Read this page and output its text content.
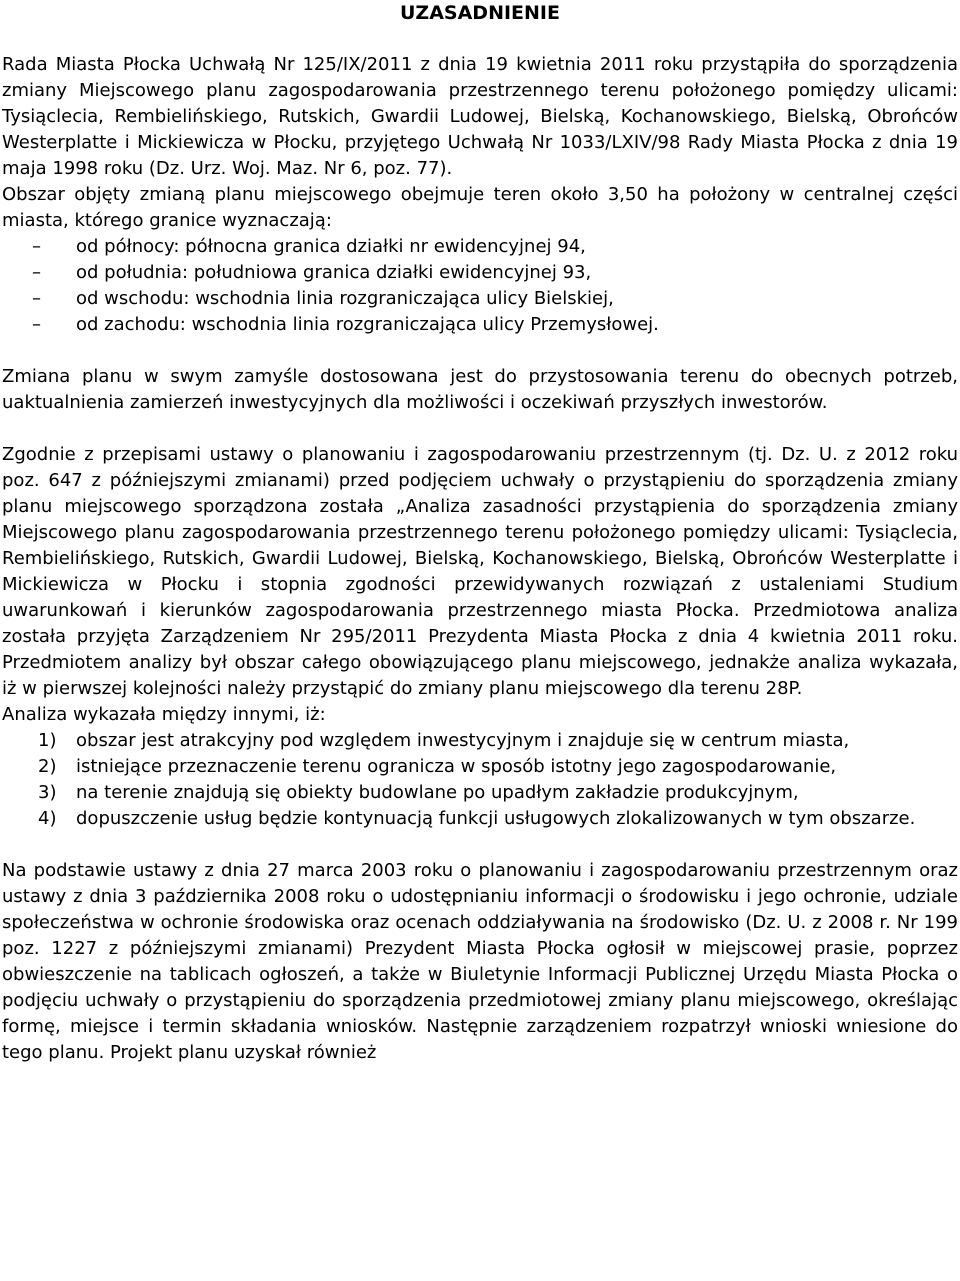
UZASADNIENIE

Rada Miasta Płocka Uchwałą Nr 125/IX/2011 z dnia 19 kwietnia 2011 roku przystąpiła do sporządzenia zmiany Miejscowego planu zagospodarowania przestrzennego terenu położonego pomiędzy ulicami: Tysiąclecia, Rembielińskiego, Rutskich, Gwardii Ludowej, Bielską, Kochanowskiego, Bielską, Obrońców Westerplatte i Mickiewicza w Płocku, przyjętego Uchwałą Nr 1033/LXIV/98 Rady Miasta Płocka z dnia 19 maja 1998 roku (Dz. Urz. Woj. Maz. Nr 6, poz. 77).

Obszar objęty zmianą planu miejscowego obejmuje teren około 3,50 ha położony w centralnej części miasta, którego granice wyznaczają:

– od północy: północna granica działki nr ewidencyjnej 94,
– od południa: południowa granica działki ewidencyjnej 93,
– od wschodu: wschodnia linia rozgraniczająca ulicy Bielskiej,
– od zachodu: wschodnia linia rozgraniczająca ulicy Przemysłowej.

Zmiana planu w swym zamyśle dostosowana jest do przystosowania terenu do obecnych potrzeb, uaktualnienia zamierzeń inwestycyjnych dla możliwości i oczekiwań przyszłych inwestorów.

Zgodnie z przepisami ustawy o planowaniu i zagospodarowaniu przestrzennym (tj. Dz. U. z 2012 roku poz. 647 z późniejszymi zmianami) przed podjęciem uchwały o przystąpieniu do sporządzenia zmiany planu miejscowego sporządzona została „Analiza zasadności przystąpienia do sporządzenia zmiany Miejscowego planu zagospodarowania przestrzennego terenu położonego pomiędzy ulicami: Tysiąclecia, Rembielińskiego, Rutskich, Gwardii Ludowej, Bielską, Kochanowskiego, Bielską, Obrońców Westerplatte i Mickiewicza w Płocku i stopnia zgodności przewidywanych rozwiązań z ustaleniami Studium uwarunkowań i kierunków zagospodarowania przestrzennego miasta Płocka. Przedmiotowa analiza została przyjęta Zarządzeniem Nr 295/2011 Prezydenta Miasta Płocka z dnia 4 kwietnia 2011 roku. Przedmiotem analizy był obszar całego obowiązującego planu miejscowego, jednakże analiza wykazała, iż w pierwszej kolejności należy przystąpić do zmiany planu miejscowego dla terenu 28P.

Analiza wykazała między innymi, iż:

1) obszar jest atrakcyjny pod względem inwestycyjnym i znajduje się w centrum miasta,
2) istniejące przeznaczenie terenu ogranicza w sposób istotny jego zagospodarowanie,
3) na terenie znajdują się obiekty budowlane po upadłym zakładzie produkcyjnym,
4) dopuszczenie usług będzie kontynuacją funkcji usługowych zlokalizowanych w tym obszarze.

Na podstawie ustawy z dnia 27 marca 2003 roku o planowaniu i zagospodarowaniu przestrzennym oraz ustawy z dnia 3 października 2008 roku o udostępnianiu informacji o środowisku i jego ochronie, udziale społeczeństwa w ochronie środowiska oraz ocenach oddziaływania na środowisko (Dz. U. z 2008 r. Nr 199 poz. 1227 z późniejszymi zmianami) Prezydent Miasta Płocka ogłosił w miejscowej prasie, poprzez obwieszczenie na tablicach ogłoszeń, a także w Biuletynie Informacji Publicznej Urzędu Miasta Płocka o podjęciu uchwały o przystąpieniu do sporządzenia przedmiotowej zmiany planu miejscowego, określając formę, miejsce i termin składania wniosków. Następnie zarządzeniem rozpatrzył wnioski wniesione do tego planu. Projekt planu uzyskał również
